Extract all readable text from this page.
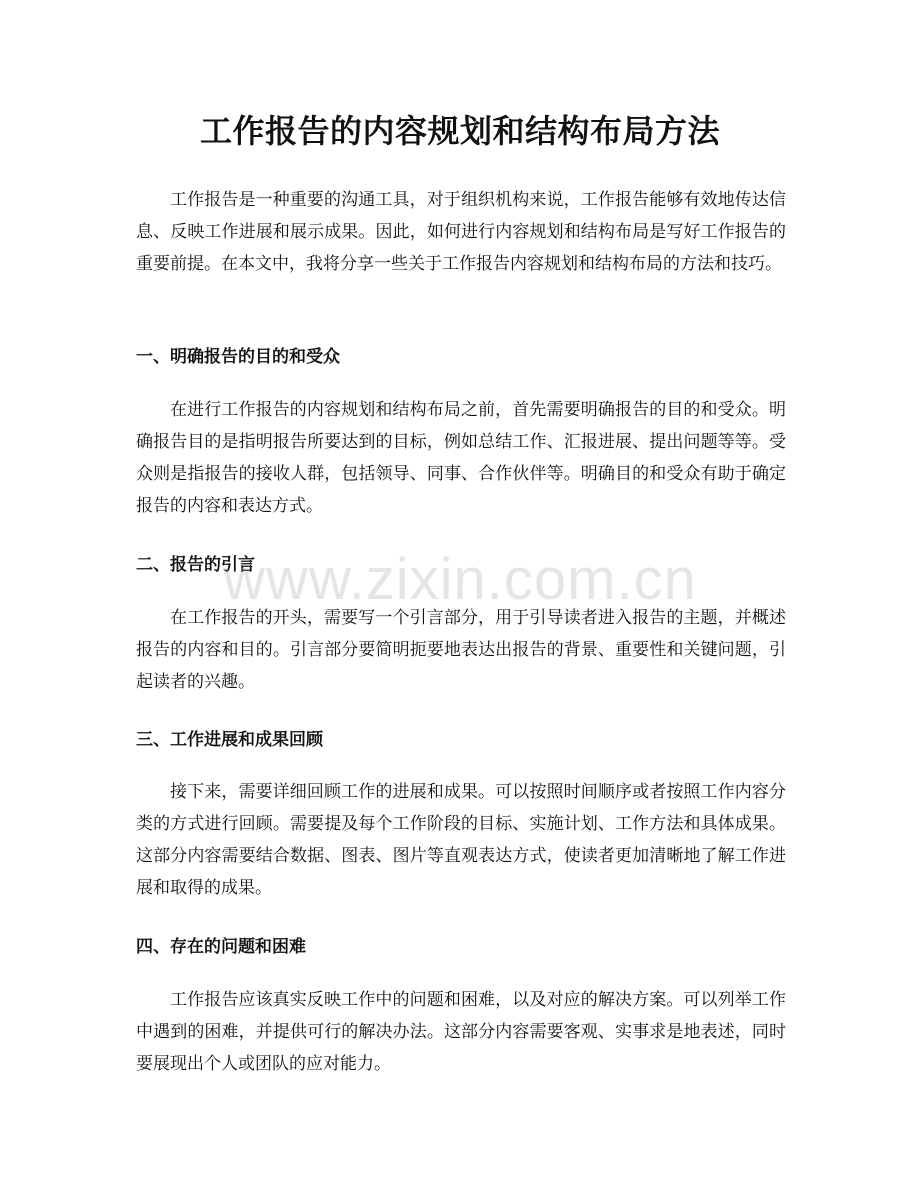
工作报告的内容规划和结构布局方法

工作报告是一种重要的沟通工具，对于组织机构来说，工作报告能够有效地传达信息、反映工作进展和展示成果。因此，如何进行内容规划和结构布局是写好工作报告的重要前提。在本文中，我将分享一些关于工作报告内容规划和结构布局的方法和技巧。

一、明确报告的目的和受众

在进行工作报告的内容规划和结构布局之前，首先需要明确报告的目的和受众。明确报告目的是指明报告所要达到的目标，例如总结工作、汇报进展、提出问题等等。受众则是指报告的接收人群，包括领导、同事、合作伙伴等。明确目的和受众有助于确定报告的内容和表达方式。

二、报告的引言

在工作报告的开头，需要写一个引言部分，用于引导读者进入报告的主题，并概述报告的内容和目的。引言部分要简明扼要地表达出报告的背景、重要性和关键问题，引起读者的兴趣。

三、工作进展和成果回顾

接下来，需要详细回顾工作的进展和成果。可以按照时间顺序或者按照工作内容分类的方式进行回顾。需要提及每个工作阶段的目标、实施计划、工作方法和具体成果。这部分内容需要结合数据、图表、图片等直观表达方式，使读者更加清晰地了解工作进展和取得的成果。

四、存在的问题和困难

工作报告应该真实反映工作中的问题和困难，以及对应的解决方案。可以列举工作中遇到的困难，并提供可行的解决办法。这部分内容需要客观、实事求是地表述，同时要展现出个人或团队的应对能力。

www.zixin.com.cn
